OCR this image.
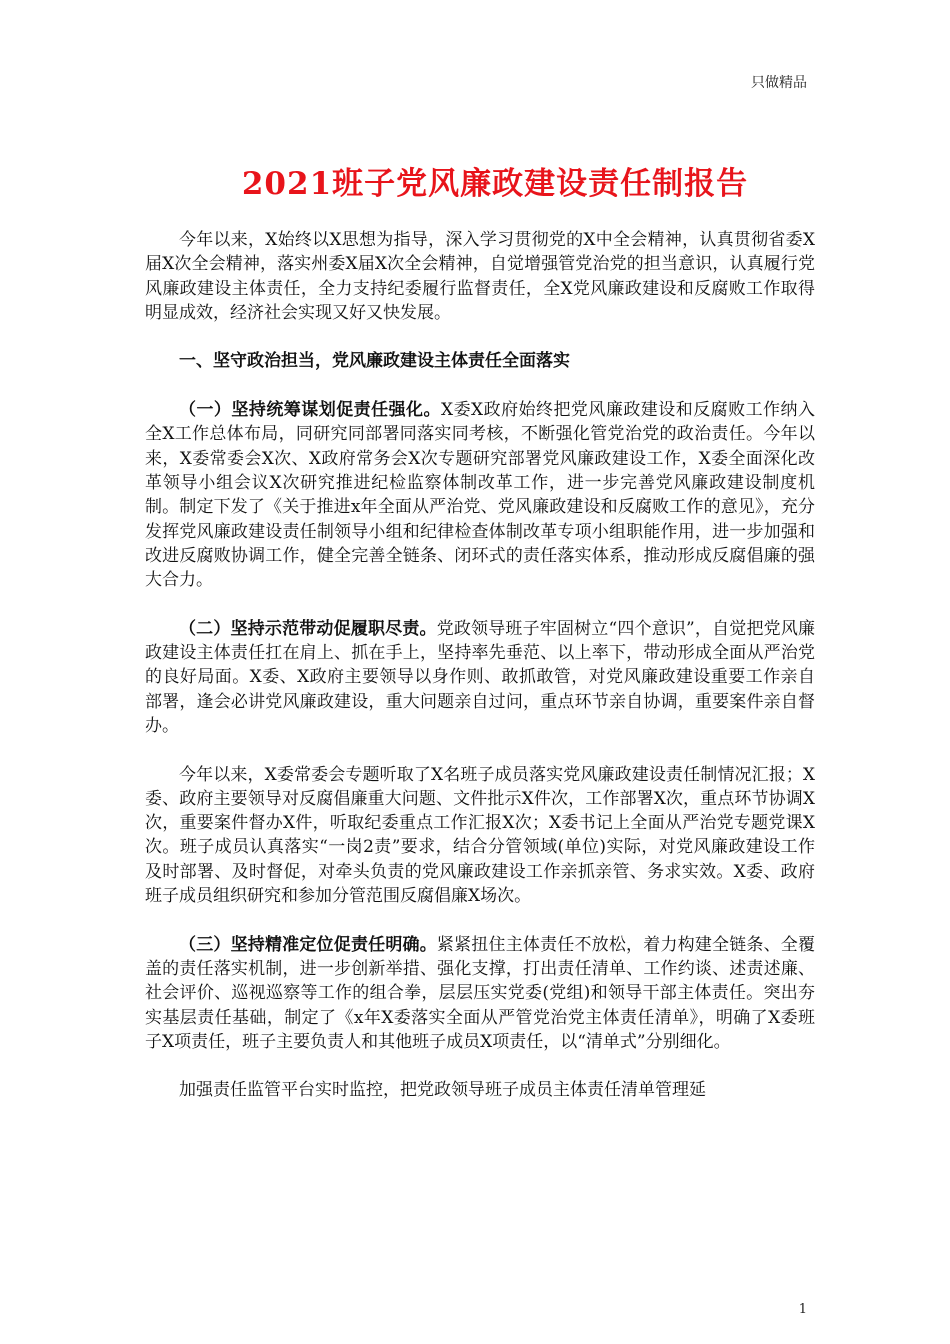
只做精品
2021班子党风廉政建设责任制报告

今年以来，X始终以X思想为指导，深入学习贯彻党的X中全会精神，认真贯彻省委X届X次全会精神，落实州委X届X次全会精神，自觉增强管党治党的担当意识，认真履行党风廉政建设主体责任，全力支持纪委履行监督责任，全X党风廉政建设和反腐败工作取得明显成效，经济社会实现又好又快发展。

一、坚守政治担当，党风廉政建设主体责任全面落实

（一）坚持统筹谋划促责任强化。X委X政府始终把党风廉政建设和反腐败工作纳入全X工作总体布局，同研究同部署同落实同考核，不断强化管党治党的政治责任。今年以来，X委常委会X次、X政府常务会X次专题研究部署党风廉政建设工作，X委全面深化改革领导小组会议X次研究推进纪检监察体制改革工作，进一步完善党风廉政建设制度机制。制定下发了《关于推进x年全面从严治党、党风廉政建设和反腐败工作的意见》，充分发挥党风廉政建设责任制领导小组和纪律检查体制改革专项小组职能作用，进一步加强和改进反腐败协调工作，健全完善全链条、闭环式的责任落实体系，推动形成反腐倡廉的强大合力。

（二）坚持示范带动促履职尽责。党政领导班子牢固树立“四个意识”，自觉把党风廉政建设主体责任扛在肩上、抓在手上，坚持率先垂范、以上率下，带动形成全面从严治党的良好局面。X委、X政府主要领导以身作则、敢抓敢管，对党风廉政建设重要工作亲自部署，逢会必讲党风廉政建设，重大问题亲自过问，重点环节亲自协调，重要案件亲自督办。

今年以来，X委常委会专题听取了X名班子成员落实党风廉政建设责任制情况汇报；X委、政府主要领导对反腐倡廉重大问题、文件批示X件次，工作部署X次，重点环节协调X次，重要案件督办X件，听取纪委重点工作汇报X次；X委书记上全面从严治党专题党课X次。班子成员认真落实“一岗2责”要求，结合分管领域(单位)实际，对党风廉政建设工作及时部署、及时督促，对牵头负责的党风廉政建设工作亲抓亲管、务求实效。X委、政府班子成员组织研究和参加分管范围反腐倡廉X场次。

（三）坚持精准定位促责任明确。紧紧扭住主体责任不放松，着力构建全链条、全覆盖的责任落实机制，进一步创新举措、强化支撑，打出责任清单、工作约谈、述责述廉、社会评价、巡视巡察等工作的组合拳，层层压实党委(党组)和领导干部主体责任。突出夯实基层责任基础，制定了《x年X委落实全面从严管党治党主体责任清单》，明确了X委班子X项责任，班子主要负责人和其他班子成员X项责任，以“清单式”分别细化。

加强责任监管平台实时监控，把党政领导班子成员主体责任清单管理延

1
